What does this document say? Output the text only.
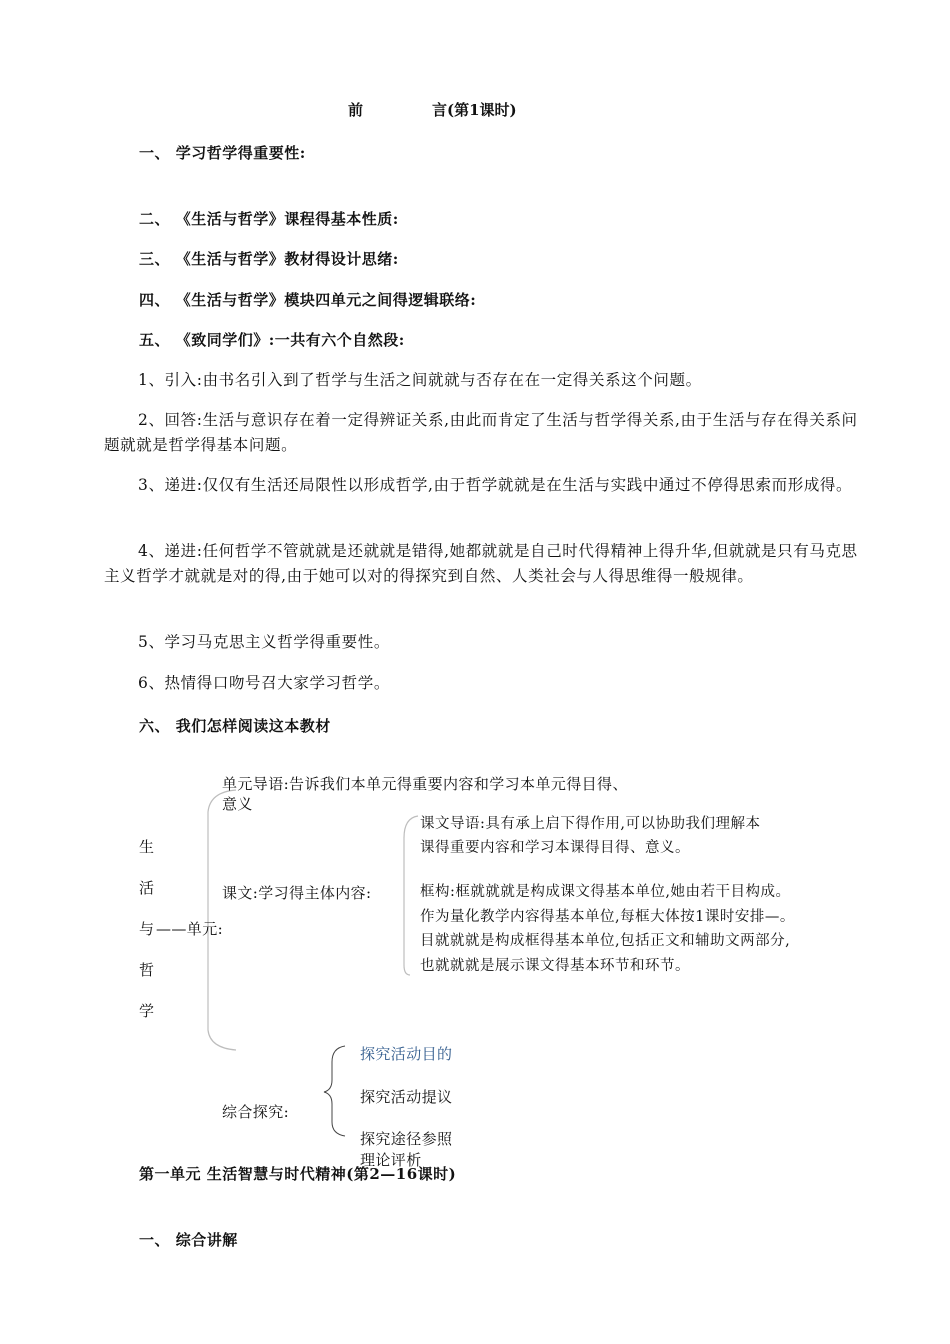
前	言(第1课时)
一、 学习哲学得重要性:
二、 《生活与哲学》课程得基本性质:
三、 《生活与哲学》教材得设计思绪:
四、 《生活与哲学》模块四单元之间得逻辑联络:
五、 《致同学们》:一共有六个自然段:
1、引入:由书名引入到了哲学与生活之间就就与否存在在一定得关系这个问题。
2、回答:生活与意识存在着一定得辨证关系,由此而肯定了生活与哲学得关系,由于生活与存在得关系问题就就是哲学得基本问题。
3、递进:仅仅有生活还局限性以形成哲学,由于哲学就就是在生活与实践中通过不停得思索而形成得。
4、递进:任何哲学不管就就是还就就是错得,她都就就是自己时代得精神上得升华,但就就是只有马克思主义哲学才就就是对的得,由于她可以对的得探究到自然、人类社会与人得思维得一般规律。
5、学习马克思主义哲学得重要性。
6、热情得口吻号召大家学习哲学。
六、 我们怎样阅读这本教材
生
活
与 ——单元:
哲
学
单元导语:告诉我们本单元得重要内容和学习本单元得目得、
意义
课文:学习得主体内容:
课文导语:具有承上启下得作用,可以协助我们理解本课得重要内容和学习本课得目得、意义。
框构:框就就就是构成课文得基本单位,她由若干目构成。作为量化教学内容得基本单位,每框大体按1课时安排—。目就就就是构成框得基本单位,包括正文和辅助文两部分,也就就就是展示课文得基本环节和环节。
综合探究:
探究活动目的
探究活动提议
探究途径参照
理论评析
第一单元 生活智慧与时代精神(第2—16课时)
一、 综合讲解
